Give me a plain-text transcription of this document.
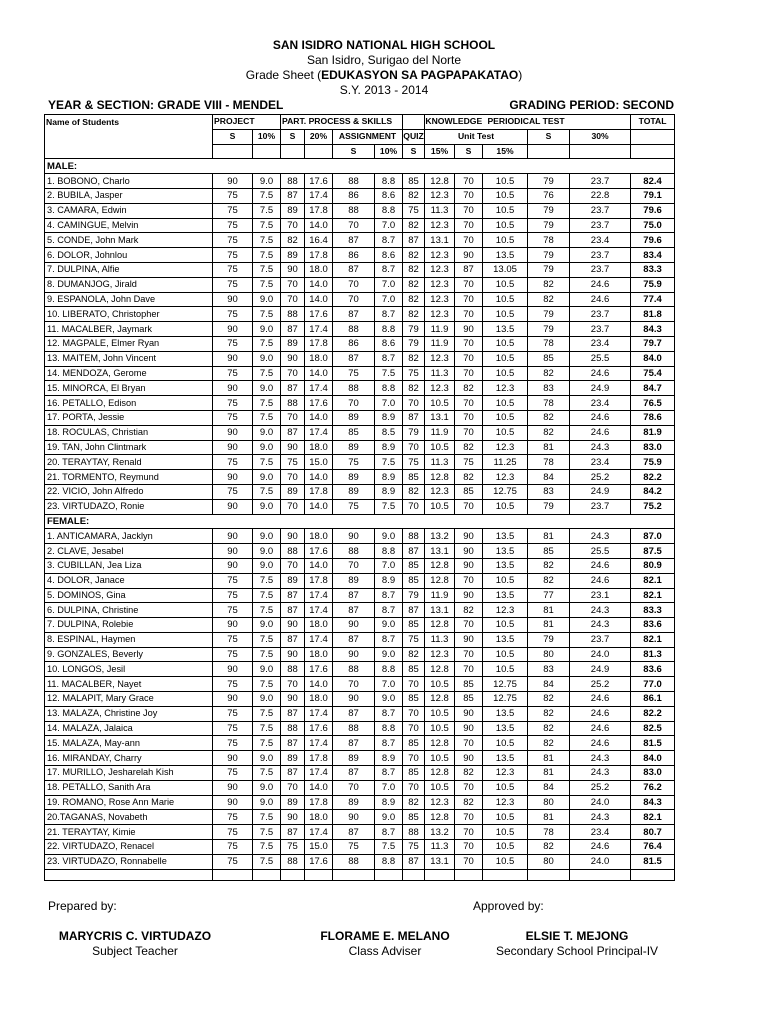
SAN ISIDRO NATIONAL HIGH SCHOOL
San Isidro, Surigao del Norte
Grade Sheet (EDUKASYON SA PAGPAPAKATAO)
S.Y. 2013 - 2014
YEAR & SECTION: GRADE VIII - MENDEL	GRADING PERIOD: SECOND
Name of Students	PROJECT		PART. PROCESS & SKILLS					KNOWLEDGE		PERIODICAL TEST			TOTAL
	S	10%	S	20%	ASSIGNMENT		QUIZ	Unit Test			S	30%	
					S	10%	S	15%	S	15%			
MALE:													
1. BOBONO, Charlo	90	9.0	88	17.6	88	8.8	85	12.8	70	10.5	79	23.7	82.4
2. BUBILA, Jasper	75	7.5	87	17.4	86	8.6	82	12.3	70	10.5	76	22.8	79.1
3. CAMARA, Edwin	75	7.5	89	17.8	88	8.8	75	11.3	70	10.5	79	23.7	79.6
4. CAMINGUE, Melvin	75	7.5	70	14.0	70	7.0	82	12.3	70	10.5	79	23.7	75.0
5. CONDE, John Mark	75	7.5	82	16.4	87	8.7	87	13.1	70	10.5	78	23.4	79.6
6. DOLOR, Johnlou	75	7.5	89	17.8	86	8.6	82	12.3	90	13.5	79	23.7	83.4
7. DULPINA, Alfie	75	7.5	90	18.0	87	8.7	82	12.3	87	13.05	79	23.7	83.3
8. DUMANJOG, Jirald	75	7.5	70	14.0	70	7.0	82	12.3	70	10.5	82	24.6	75.9
9. ESPANOLA, John Dave	90	9.0	70	14.0	70	7.0	82	12.3	70	10.5	82	24.6	77.4
10. LIBERATO, Christopher	75	7.5	88	17.6	87	8.7	82	12.3	70	10.5	79	23.7	81.8
11. MACALBER, Jaymark	90	9.0	87	17.4	88	8.8	79	11.9	90	13.5	79	23.7	84.3
12. MAGPALE, Elmer Ryan	75	7.5	89	17.8	86	8.6	79	11.9	70	10.5	78	23.4	79.7
13. MAITEM, John Vincent	90	9.0	90	18.0	87	8.7	82	12.3	70	10.5	85	25.5	84.0
14. MENDOZA, Gerome	75	7.5	70	14.0	75	7.5	75	11.3	70	10.5	82	24.6	75.4
15. MINORCA, El Bryan	90	9.0	87	17.4	88	8.8	82	12.3	82	12.3	83	24.9	84.7
16. PETALLO, Edison	75	7.5	88	17.6	70	7.0	70	10.5	70	10.5	78	23.4	76.5
17. PORTA, Jessie	75	7.5	70	14.0	89	8.9	87	13.1	70	10.5	82	24.6	78.6
18. ROCULAS, Christian	90	9.0	87	17.4	85	8.5	79	11.9	70	10.5	82	24.6	81.9
19. TAN, John Clintmark	90	9.0	90	18.0	89	8.9	70	10.5	82	12.3	81	24.3	83.0
20. TERAYTAY, Renald	75	7.5	75	15.0	75	7.5	75	11.3	75	11.25	78	23.4	75.9
21. TORMENTO, Reymund	90	9.0	70	14.0	89	8.9	85	12.8	82	12.3	84	25.2	82.2
22. VICIO, John Alfredo	75	7.5	89	17.8	89	8.9	82	12.3	85	12.75	83	24.9	84.2
23. VIRTUDAZO, Ronie	90	9.0	70	14.0	75	7.5	70	10.5	70	10.5	79	23.7	75.2
FEMALE:													
1. ANTICAMARA, Jacklyn	90	9.0	90	18.0	90	9.0	88	13.2	90	13.5	81	24.3	87.0
2. CLAVE, Jesabel	90	9.0	88	17.6	88	8.8	87	13.1	90	13.5	85	25.5	87.5
3. CUBILLAN, Jea Liza	90	9.0	70	14.0	70	7.0	85	12.8	90	13.5	82	24.6	80.9
4. DOLOR, Janace	75	7.5	89	17.8	89	8.9	85	12.8	70	10.5	82	24.6	82.1
5. DOMINOS, Gina	75	7.5	87	17.4	87	8.7	79	11.9	90	13.5	77	23.1	82.1
6. DULPINA, Christine	75	7.5	87	17.4	87	8.7	87	13.1	82	12.3	81	24.3	83.3
7. DULPINA, Rolebie	90	9.0	90	18.0	90	9.0	85	12.8	70	10.5	81	24.3	83.6
8. ESPINAL, Haymen	75	7.5	87	17.4	87	8.7	75	11.3	90	13.5	79	23.7	82.1
9. GONZALES, Beverly	75	7.5	90	18.0	90	9.0	82	12.3	70	10.5	80	24.0	81.3
10. LONGOS, Jesil	90	9.0	88	17.6	88	8.8	85	12.8	70	10.5	83	24.9	83.6
11. MACALBER, Nayet	75	7.5	70	14.0	70	7.0	70	10.5	85	12.75	84	25.2	77.0
12. MALAPIT, Mary Grace	90	9.0	90	18.0	90	9.0	85	12.8	85	12.75	82	24.6	86.1
13. MALAZA, Christine Joy	75	7.5	87	17.4	87	8.7	70	10.5	90	13.5	82	24.6	82.2
14. MALAZA, Jalaica	75	7.5	88	17.6	88	8.8	70	10.5	90	13.5	82	24.6	82.5
15. MALAZA, May-ann	75	7.5	87	17.4	87	8.7	85	12.8	70	10.5	82	24.6	81.5
16. MIRANDAY, Charry	90	9.0	89	17.8	89	8.9	70	10.5	90	13.5	81	24.3	84.0
17. MURILLO, Jesharelah Kish	75	7.5	87	17.4	87	8.7	85	12.8	82	12.3	81	24.3	83.0
18. PETALLO, Sanith Ara	90	9.0	70	14.0	70	7.0	70	10.5	70	10.5	84	25.2	76.2
19. ROMANO, Rose Ann Marie	90	9.0	89	17.8	89	8.9	82	12.3	82	12.3	80	24.0	84.3
20.TAGANAS, Novabeth	75	7.5	90	18.0	90	9.0	85	12.8	70	10.5	81	24.3	82.1
21. TERAYTAY, Kimie	75	7.5	87	17.4	87	8.7	88	13.2	70	10.5	78	23.4	80.7
22. VIRTUDAZO, Renacel	75	7.5	75	15.0	75	7.5	75	11.3	70	10.5	82	24.6	76.4
23. VIRTUDAZO, Ronnabelle	75	7.5	88	17.6	88	8.8	87	13.1	70	10.5	80	24.0	81.5

Prepared by:	Approved by:
MARYCRIS C. VIRTUDAZO
Subject Teacher
FLORAME E. MELANO
Class Adviser
ELSIE T. MEJONG
Secondary School Principal-IV
